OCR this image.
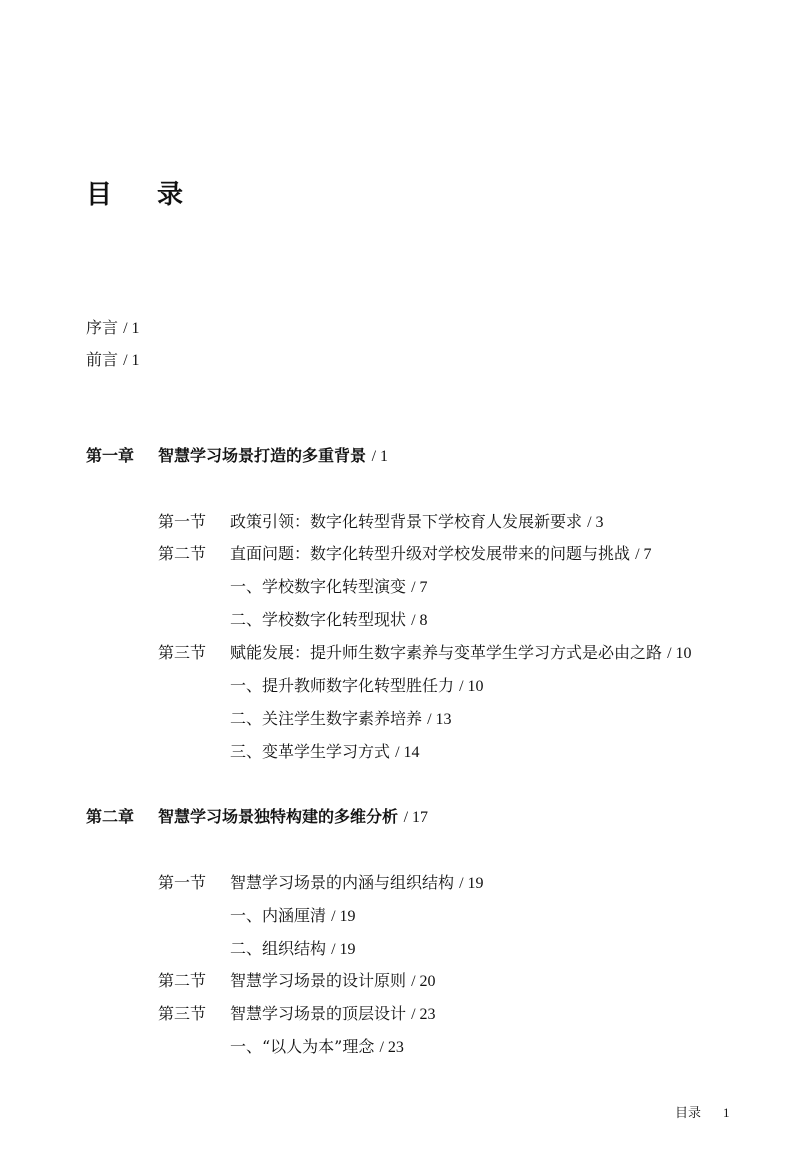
目 录
序言 / 1
前言 / 1
第一章 智慧学习场景打造的多重背景 / 1
第一节 政策引领：数字化转型背景下学校育人发展新要求 / 3
第二节 直面问题：数字化转型升级对学校发展带来的问题与挑战 / 7
一、学校数字化转型演变 / 7
二、学校数字化转型现状 / 8
第三节 赋能发展：提升师生数字素养与变革学生学习方式是必由之路 / 10
一、提升教师数字化转型胜任力 / 10
二、关注学生数字素养培养 / 13
三、变革学生学习方式 / 14
第二章 智慧学习场景独特构建的多维分析 / 17
第一节 智慧学习场景的内涵与组织结构 / 19
一、内涵厘清 / 19
二、组织结构 / 19
第二节 智慧学习场景的设计原则 / 20
第三节 智慧学习场景的顶层设计 / 23
一、“以人为本”理念 / 23
目录 1
